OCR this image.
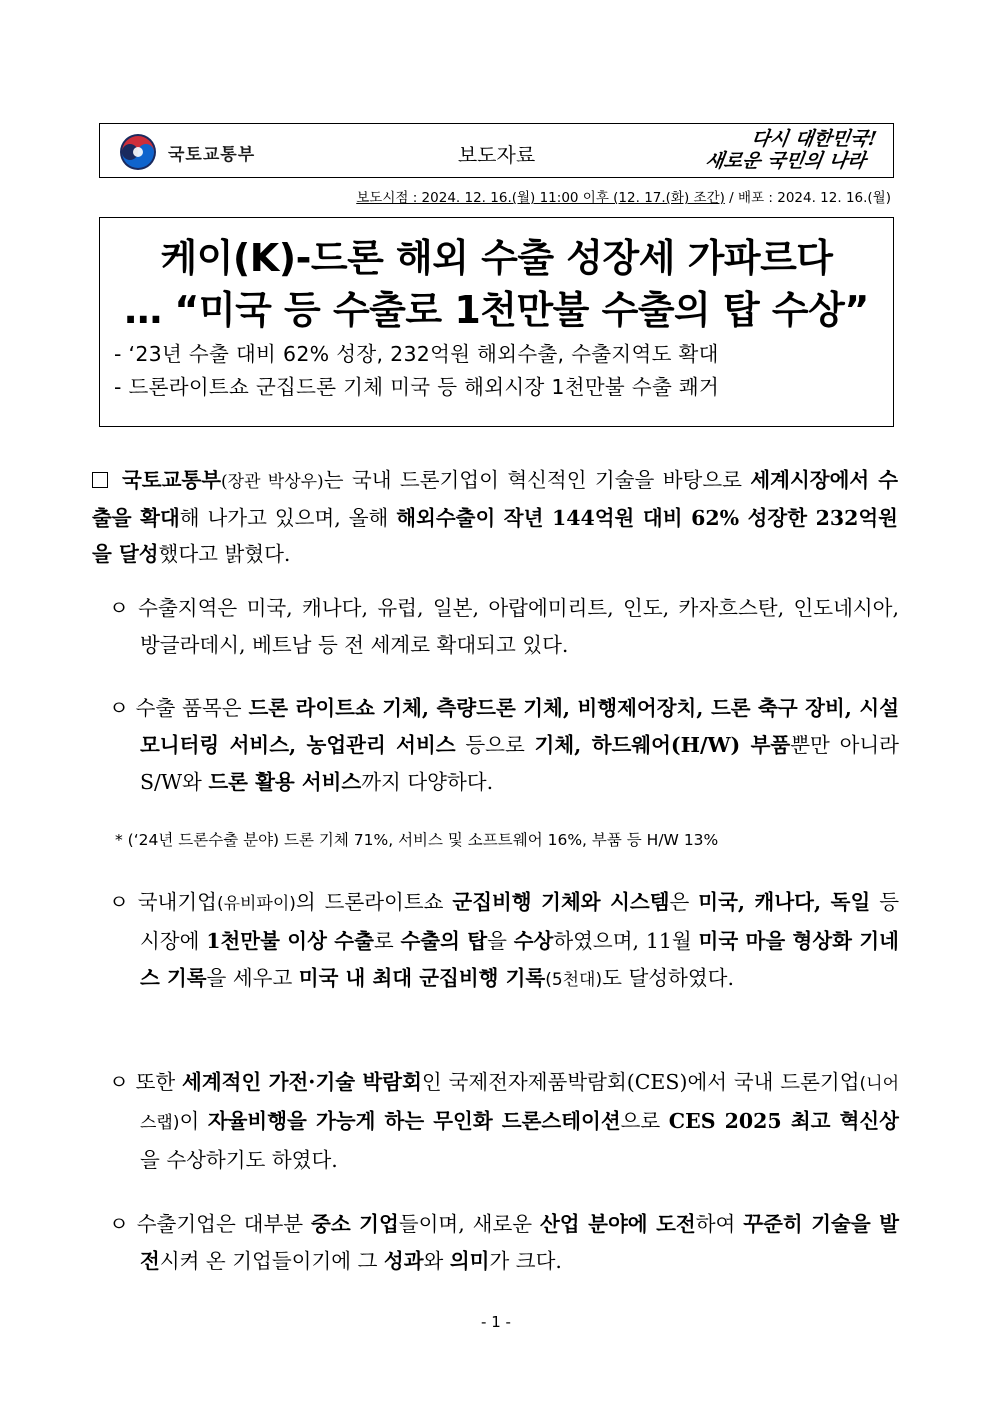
국토교통부	보도자료
다시 대한민국!
새로운 국민의 나라
보도시점 : 2024. 12. 16.(월) 11:00 이후 (12. 17.(화) 조간) / 배포 : 2024. 12. 16.(월)
케이(K)-드론 해외 수출 성장세 가파르다
… “미국 등 수출로 1천만불 수출의 탑 수상”
- ‘23년 수출 대비 62% 성장, 232억원 해외수출, 수출지역도 확대
- 드론라이트쇼 군집드론 기체 미국 등 해외시장 1천만불 수출 쾌거
국토교통부(장관 박상우)는 국내 드론기업이 혁신적인 기술을 바탕으로 세계시장에서 수출을 확대해 나가고 있으며, 올해 해외수출이 작년 144억원 대비 62% 성장한 232억원을 달성했다고 밝혔다.
ㅇ 수출지역은 미국, 캐나다, 유럽, 일본, 아랍에미리트, 인도, 카자흐스탄, 인도네시아, 방글라데시, 베트남 등 전 세계로 확대되고 있다.
ㅇ 수출 품목은 드론 라이트쇼 기체, 측량드론 기체, 비행제어장치, 드론 축구 장비, 시설모니터링 서비스, 농업관리 서비스 등으로 기체, 하드웨어(H/W) 부품뿐만 아니라 S/W와 드론 활용 서비스까지 다양하다.
* (‘24년 드론수출 분야) 드론 기체 71%, 서비스 및 소프트웨어 16%, 부품 등 H/W 13%
ㅇ 국내기업(유비파이)의 드론라이트쇼 군집비행 기체와 시스템은 미국, 캐나다, 독일 등 시장에 1천만불 이상 수출로 수출의 탑을 수상하였으며, 11월 미국 마을 형상화 기네스 기록을 세우고 미국 내 최대 군집비행 기록(5천대)도 달성하였다.
ㅇ 또한 세계적인 가전·기술 박람회인 국제전자제품박람회(CES)에서 국내 드론기업(니어스랩)이 자율비행을 가능게 하는 무인화 드론스테이션으로 CES 2025 최고 혁신상을 수상하기도 하였다.
ㅇ 수출기업은 대부분 중소 기업들이며, 새로운 산업 분야에 도전하여 꾸준히 기술을 발전시켜 온 기업들이기에 그 성과와 의미가 크다.
- 1 -
